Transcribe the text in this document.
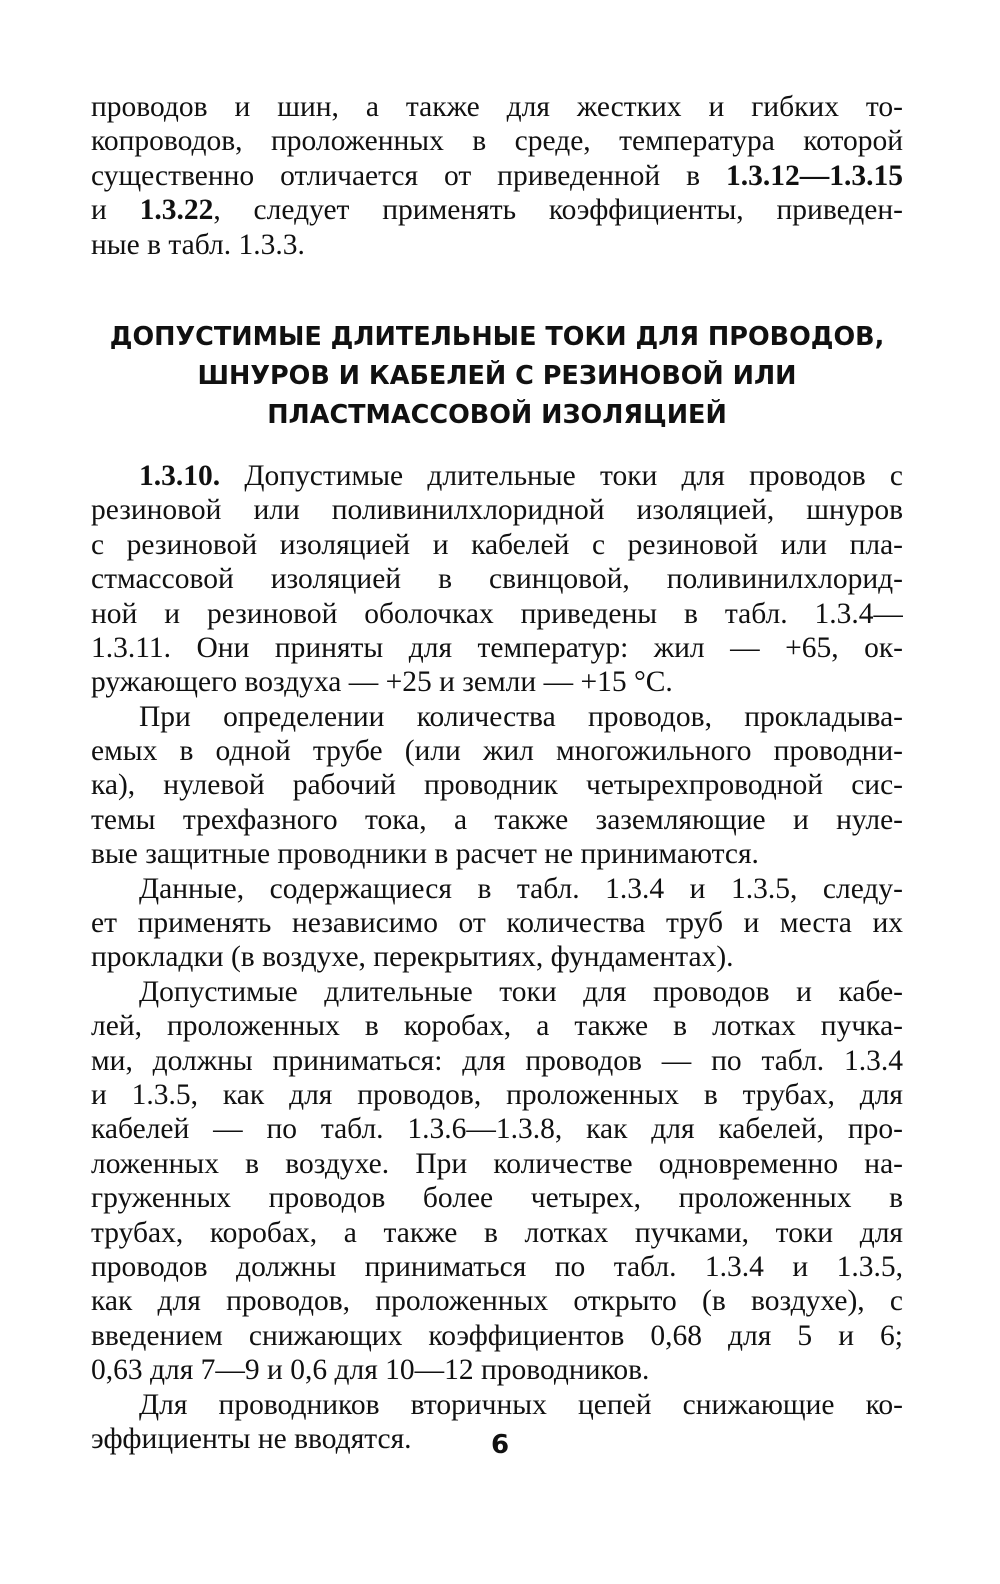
проводов и шин, а также для жестких и гибких то-
копроводов, проложенных в среде, температура которой
существенно отличается от приведенной в 1.3.12—1.3.15
и 1.3.22, следует применять коэффициенты, приведен-
ные в табл. 1.3.3.
ДОПУСТИМЫЕ ДЛИТЕЛЬНЫЕ ТОКИ ДЛЯ ПРОВОДОВ,
ШНУРОВ И КАБЕЛЕЙ С РЕЗИНОВОЙ ИЛИ
ПЛАСТМАССОВОЙ ИЗОЛЯЦИЕЙ
1.3.10. Допустимые длительные токи для проводов с
резиновой или поливинилхлоридной изоляцией, шнуров
с резиновой изоляцией и кабелей с резиновой или пла-
стмассовой изоляцией в свинцовой, поливинилхлорид-
ной и резиновой оболочках приведены в табл. 1.3.4—
1.3.11. Они приняты для температур: жил — +65, ок-
ружающего воздуха — +25 и земли — +15 °С.
При определении количества проводов, прокладыва-
емых в одной трубе (или жил многожильного проводни-
ка), нулевой рабочий проводник четырехпроводной сис-
темы трехфазного тока, а также заземляющие и нуле-
вые защитные проводники в расчет не принимаются.
Данные, содержащиеся в табл. 1.3.4 и 1.3.5, следу-
ет применять независимо от количества труб и места их
прокладки (в воздухе, перекрытиях, фундаментах).
Допустимые длительные токи для проводов и кабе-
лей, проложенных в коробах, а также в лотках пучка-
ми, должны приниматься: для проводов — по табл. 1.3.4
и 1.3.5, как для проводов, проложенных в трубах, для
кабелей — по табл. 1.3.6—1.3.8, как для кабелей, про-
ложенных в воздухе. При количестве одновременно на-
груженных проводов более четырех, проложенных в
трубах, коробах, а также в лотках пучками, токи для
проводов должны приниматься по табл. 1.3.4 и 1.3.5,
как для проводов, проложенных открыто (в воздухе), с
введением снижающих коэффициентов 0,68 для 5 и 6;
0,63 для 7—9 и 0,6 для 10—12 проводников.
Для проводников вторичных цепей снижающие ко-
эффициенты не вводятся.	6
